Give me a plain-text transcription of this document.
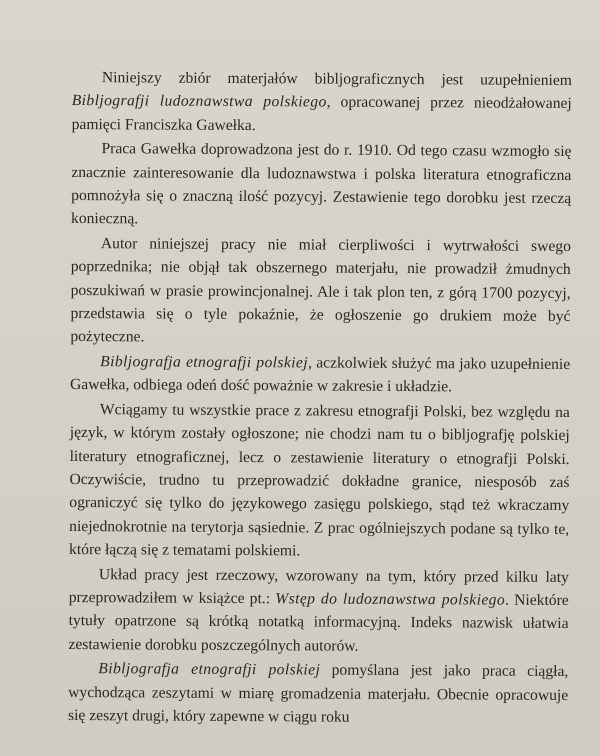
Niniejszy zbiór materjałów bibljograficznych jest uzupełnieniem Bibljografji ludoznawstwa polskiego, opracowanej przez nieodżałowanej pamięci Franciszka Gawełka.

Praca Gawełka doprowadzona jest do r. 1910. Od tego czasu wzmogło się znacznie zainteresowanie dla ludoznawstwa i polska literatura etnograficzna pomnożyła się o znaczną ilość pozycyj. Zestawienie tego dorobku jest rzeczą konieczną.

Autor niniejszej pracy nie miał cierpliwości i wytrwałości swego poprzednika; nie objął tak obszernego materjału, nie prowadził żmudnych poszukiwań w prasie prowincjonalnej. Ale i tak plon ten, z górą 1700 pozycyj, przedstawia się o tyle pokaźnie, że ogłoszenie go drukiem może być pożyteczne.

Bibljografja etnografji polskiej, aczkolwiek służyć ma jako uzupełnienie Gawełka, odbiega odeń dość poważnie w zakresie i układzie.

Wciągamy tu wszystkie prace z zakresu etnografji Polski, bez względu na język, w którym zostały ogłoszone; nie chodzi nam tu o bibljografję polskiej literatury etnograficznej, lecz o zestawienie literatury o etnografji Polski. Oczywiście, trudno tu przeprowadzić dokładne granice, niesposób zaś ograniczyć się tylko do językowego zasięgu polskiego, stąd też wkraczamy niejednokrotnie na terytorja sąsiednie. Z prac ogólniejszych podane są tylko te, które łączą się z tematami polskiemi.

Układ pracy jest rzeczowy, wzorowany na tym, który przed kilku laty przeprowadziłem w książce pt.: Wstęp do ludoznawstwa polskiego. Niektóre tytuły opatrzone są krótką notatką informacyjną. Indeks nazwisk ułatwia zestawienie dorobku poszczególnych autorów.

Bibljografja etnografji polskiej pomyślana jest jako praca ciągła, wychodząca zeszytami w miarę gromadzenia materjału. Obecnie opracowuje się zeszyt drugi, który zapewne w ciągu roku
